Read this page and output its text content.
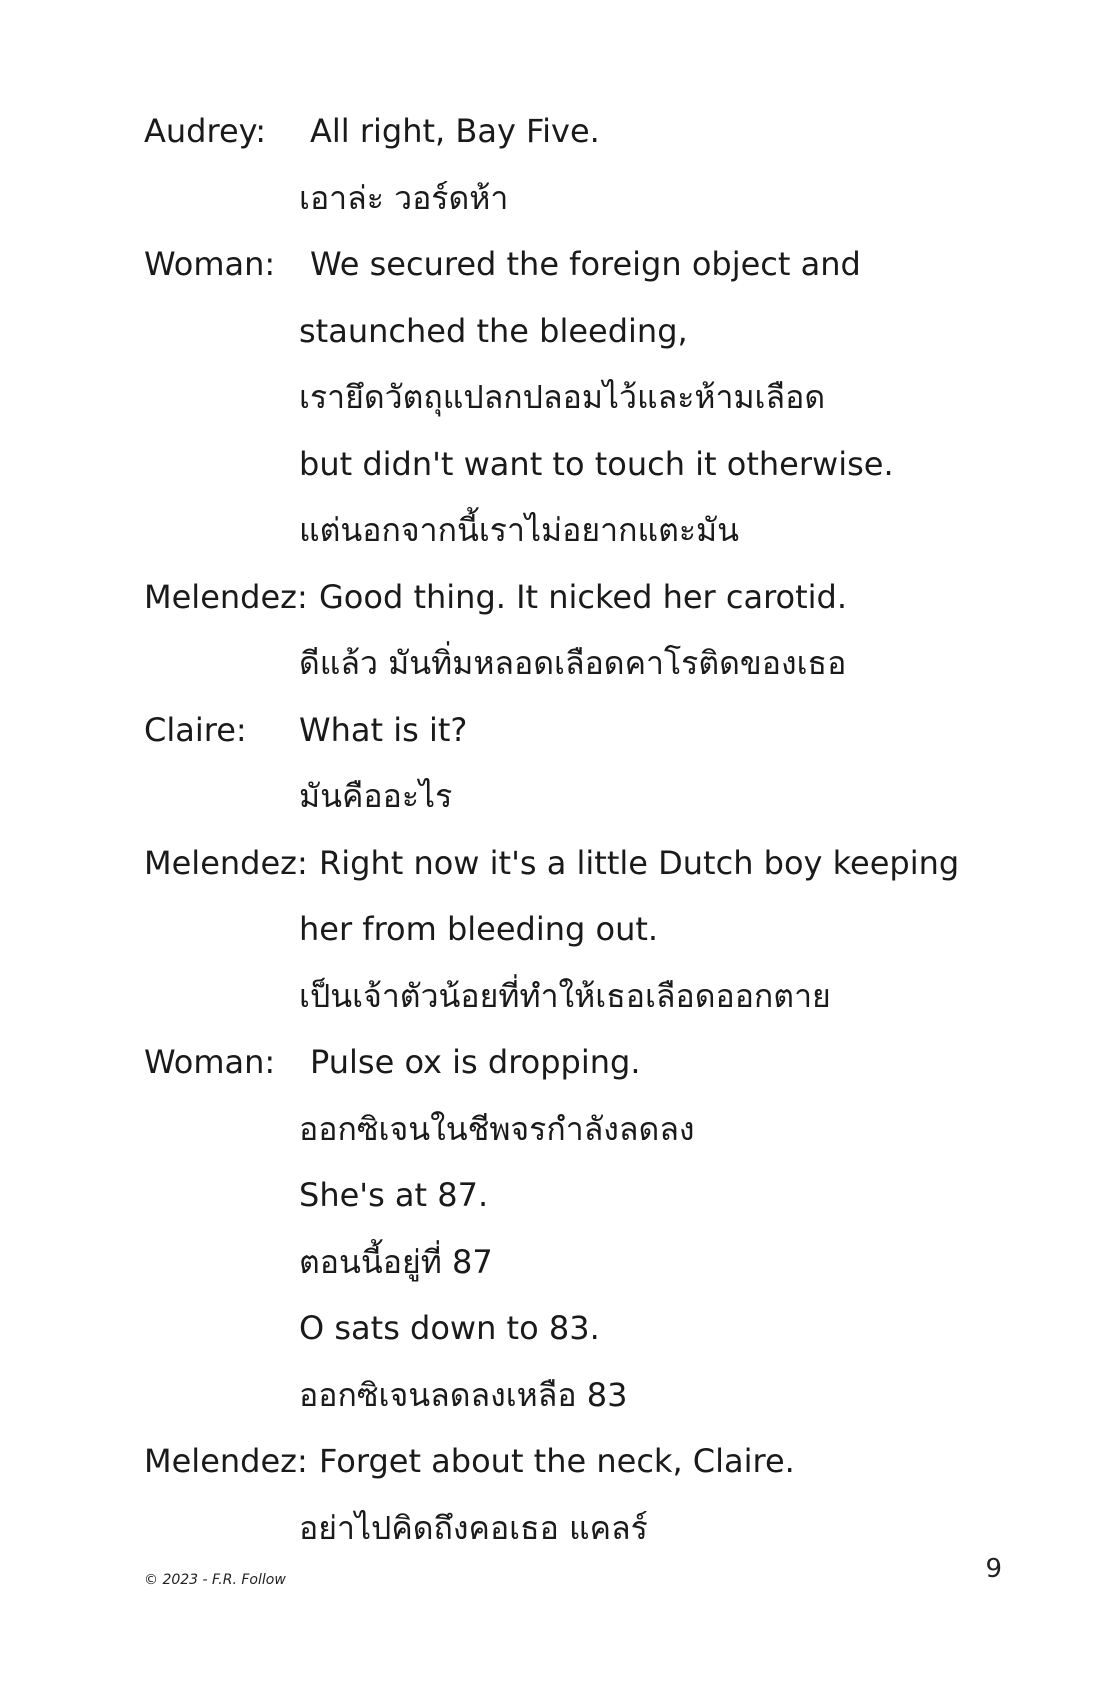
Audrey: All right, Bay Five.
เอาล่ะ วอร์ดห้า
Woman: We secured the foreign object and
staunched the bleeding,
เรายึดวัตถุแปลกปลอมไว้และห้ามเลือด
but didn't want to touch it otherwise.
แต่นอกจากนี้เราไม่อยากแตะมัน
Melendez: Good thing. It nicked her carotid.
ดีแล้ว มันทิ่มหลอดเลือดคาโรติดของเธอ
Claire: What is it?
มันคืออะไร
Melendez: Right now it's a little Dutch boy keeping
her from bleeding out.
เป็นเจ้าตัวน้อยที่ทำให้เธอเลือดออกตาย
Woman: Pulse ox is dropping.
ออกซิเจนในชีพจรกำลังลดลง
She's at 87.
ตอนนี้อยู่ที่ 87
O sats down to 83.
ออกซิเจนลดลงเหลือ 83
Melendez: Forget about the neck, Claire.
อย่าไปคิดถึงคอเธอ แคลร์
© 2023 - F.R. Follow	9
